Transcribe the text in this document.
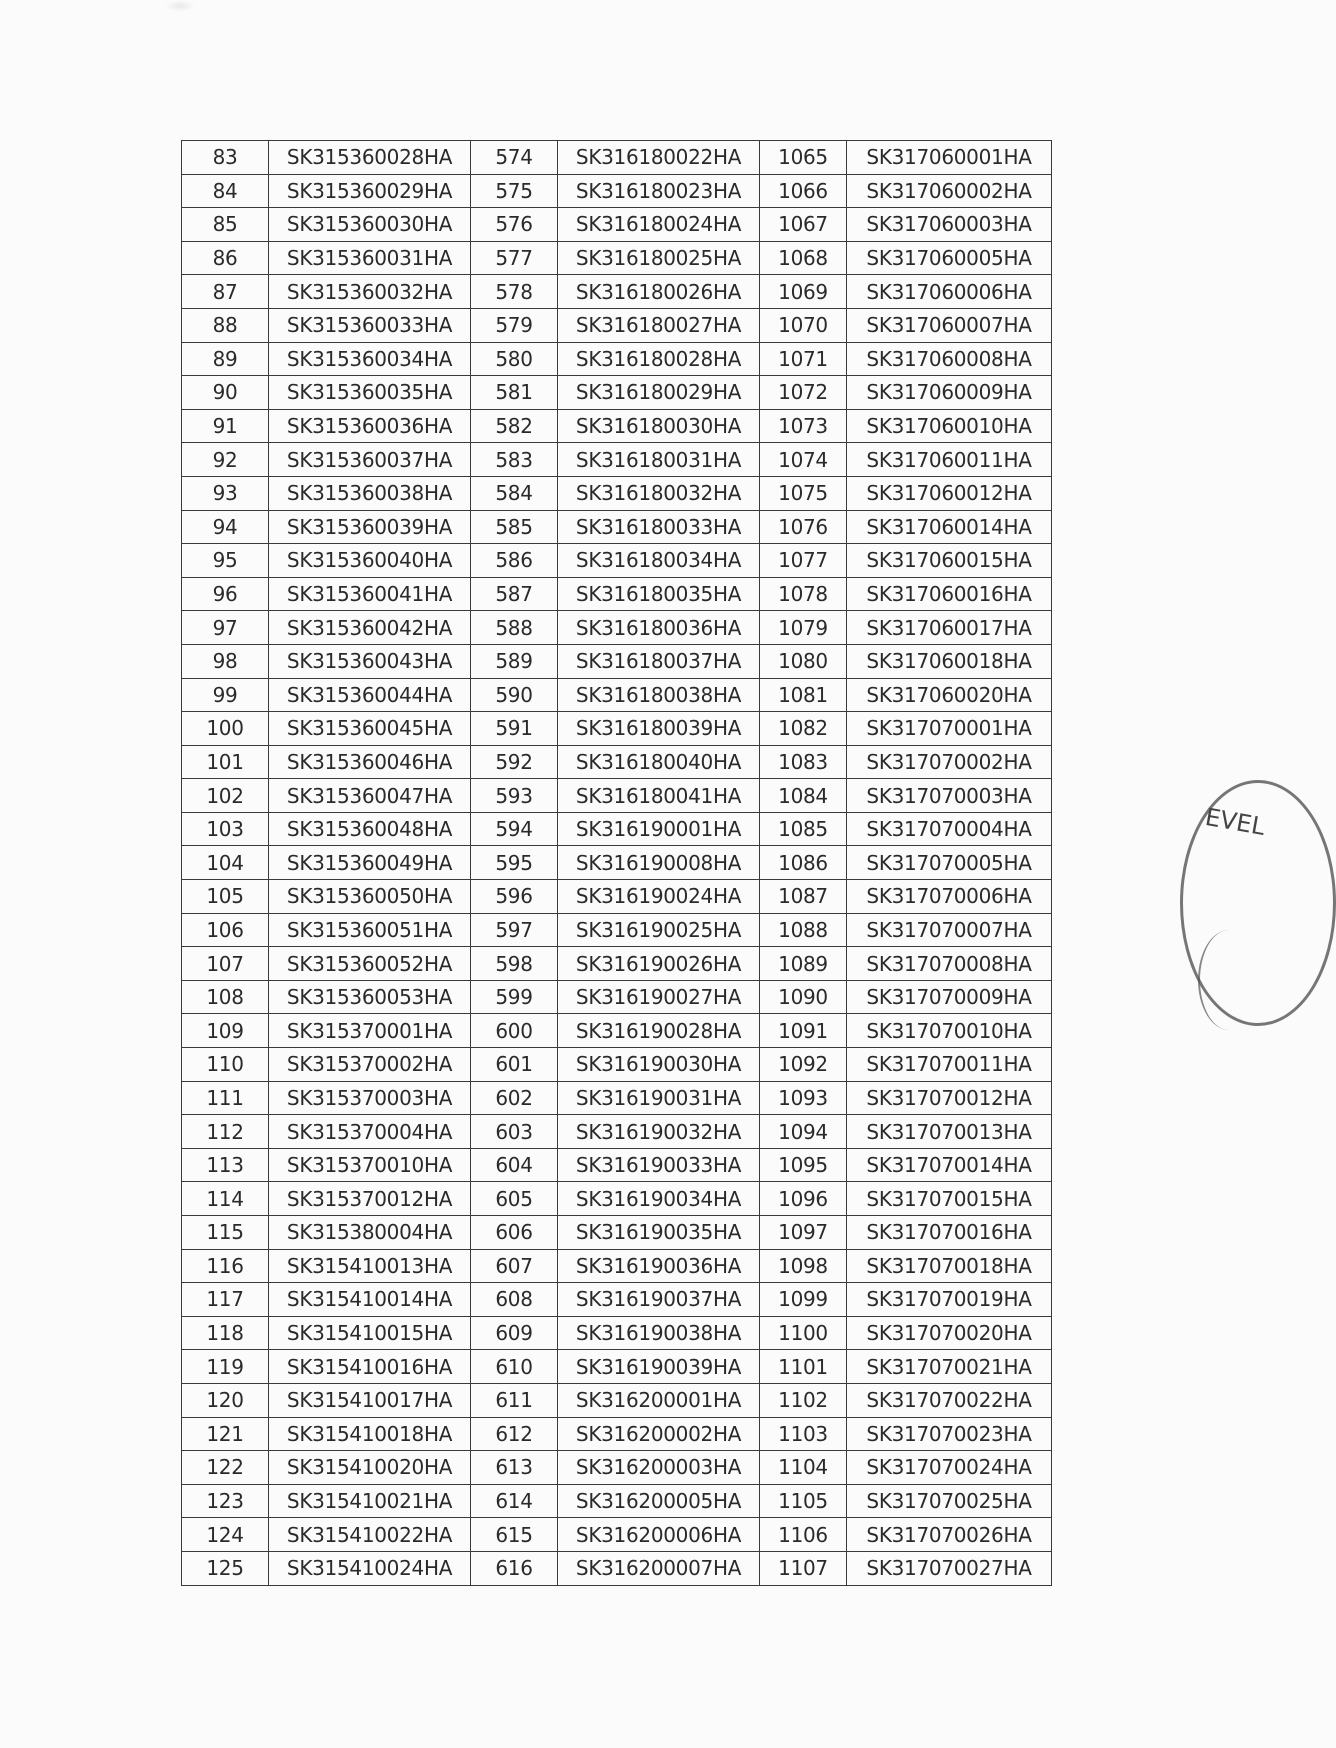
83	SK315360028HA	574	SK316180022HA	1065	SK317060001HA
84	SK315360029HA	575	SK316180023HA	1066	SK317060002HA
85	SK315360030HA	576	SK316180024HA	1067	SK317060003HA
86	SK315360031HA	577	SK316180025HA	1068	SK317060005HA
87	SK315360032HA	578	SK316180026HA	1069	SK317060006HA
88	SK315360033HA	579	SK316180027HA	1070	SK317060007HA
89	SK315360034HA	580	SK316180028HA	1071	SK317060008HA
90	SK315360035HA	581	SK316180029HA	1072	SK317060009HA
91	SK315360036HA	582	SK316180030HA	1073	SK317060010HA
92	SK315360037HA	583	SK316180031HA	1074	SK317060011HA
93	SK315360038HA	584	SK316180032HA	1075	SK317060012HA
94	SK315360039HA	585	SK316180033HA	1076	SK317060014HA
95	SK315360040HA	586	SK316180034HA	1077	SK317060015HA
96	SK315360041HA	587	SK316180035HA	1078	SK317060016HA
97	SK315360042HA	588	SK316180036HA	1079	SK317060017HA
98	SK315360043HA	589	SK316180037HA	1080	SK317060018HA
99	SK315360044HA	590	SK316180038HA	1081	SK317060020HA
100	SK315360045HA	591	SK316180039HA	1082	SK317070001HA
101	SK315360046HA	592	SK316180040HA	1083	SK317070002HA
102	SK315360047HA	593	SK316180041HA	1084	SK317070003HA
103	SK315360048HA	594	SK316190001HA	1085	SK317070004HA
104	SK315360049HA	595	SK316190008HA	1086	SK317070005HA
105	SK315360050HA	596	SK316190024HA	1087	SK317070006HA
106	SK315360051HA	597	SK316190025HA	1088	SK317070007HA
107	SK315360052HA	598	SK316190026HA	1089	SK317070008HA
108	SK315360053HA	599	SK316190027HA	1090	SK317070009HA
109	SK315370001HA	600	SK316190028HA	1091	SK317070010HA
110	SK315370002HA	601	SK316190030HA	1092	SK317070011HA
111	SK315370003HA	602	SK316190031HA	1093	SK317070012HA
112	SK315370004HA	603	SK316190032HA	1094	SK317070013HA
113	SK315370010HA	604	SK316190033HA	1095	SK317070014HA
114	SK315370012HA	605	SK316190034HA	1096	SK317070015HA
115	SK315380004HA	606	SK316190035HA	1097	SK317070016HA
116	SK315410013HA	607	SK316190036HA	1098	SK317070018HA
117	SK315410014HA	608	SK316190037HA	1099	SK317070019HA
118	SK315410015HA	609	SK316190038HA	1100	SK317070020HA
119	SK315410016HA	610	SK316190039HA	1101	SK317070021HA
120	SK315410017HA	611	SK316200001HA	1102	SK317070022HA
121	SK315410018HA	612	SK316200002HA	1103	SK317070023HA
122	SK315410020HA	613	SK316200003HA	1104	SK317070024HA
123	SK315410021HA	614	SK316200005HA	1105	SK317070025HA
124	SK315410022HA	615	SK316200006HA	1106	SK317070026HA
125	SK315410024HA	616	SK316200007HA	1107	SK317070027HA
EVEL
